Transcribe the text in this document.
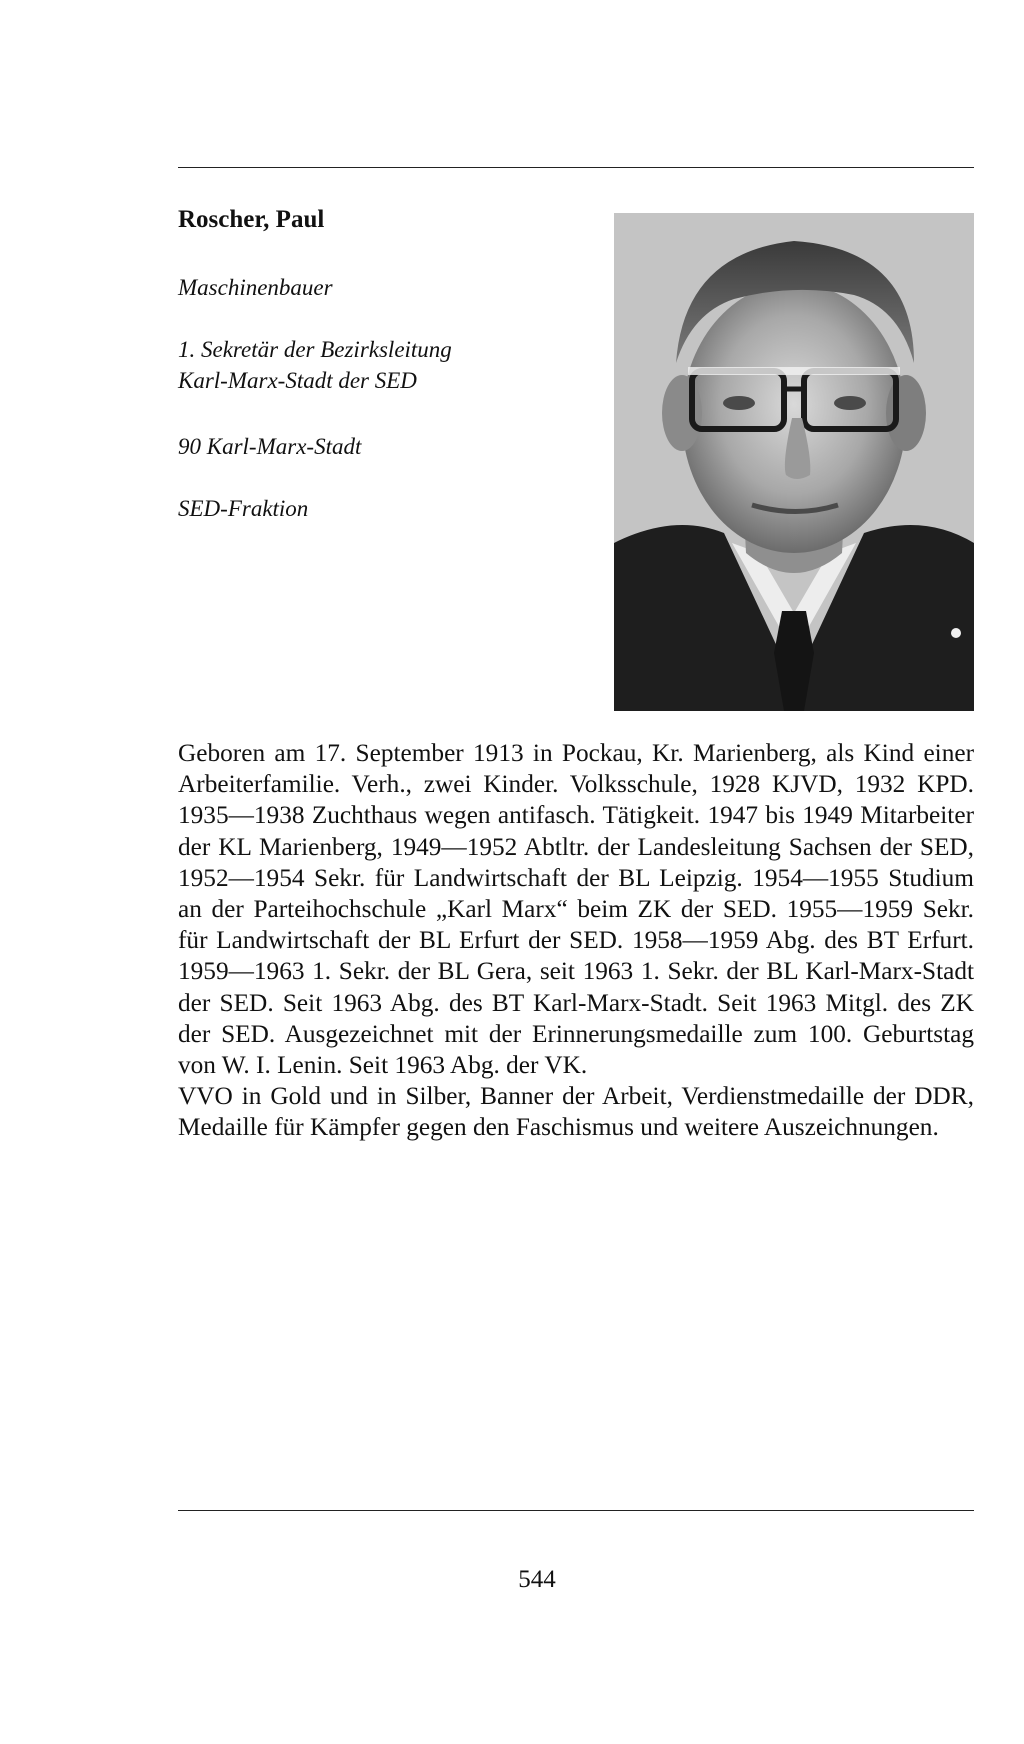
Roscher, Paul

Maschinenbauer

1. Sekretär der Bezirksleitung
Karl-Marx-Stadt der SED

90 Karl-Marx-Stadt

SED-Fraktion

Geboren am 17. September 1913 in Pockau, Kr. Marienberg, als Kind einer Arbeiterfamilie. Verh., zwei Kinder. Volksschule, 1928 KJVD, 1932 KPD. 1935—1938 Zuchthaus wegen antifasch. Tätigkeit. 1947 bis 1949 Mitarbeiter der KL Marienberg, 1949—1952 Abtltr. der Landesleitung Sachsen der SED, 1952—1954 Sekr. für Landwirtschaft der BL Leipzig. 1954—1955 Studium an der Parteihochschule „Karl Marx“ beim ZK der SED. 1955—1959 Sekr. für Landwirtschaft der BL Erfurt der SED. 1958—1959 Abg. des BT Erfurt. 1959—1963 1. Sekr. der BL Gera, seit 1963 1. Sekr. der BL Karl-Marx-Stadt der SED. Seit 1963 Abg. des BT Karl-Marx-Stadt. Seit 1963 Mitgl. des ZK der SED. Ausgezeichnet mit der Erinnerungsmedaille zum 100. Geburtstag von W. I. Lenin. Seit 1963 Abg. der VK.

VVO in Gold und in Silber, Banner der Arbeit, Verdienstmedaille der DDR, Medaille für Kämpfer gegen den Faschismus und weitere Auszeichnungen.

544
